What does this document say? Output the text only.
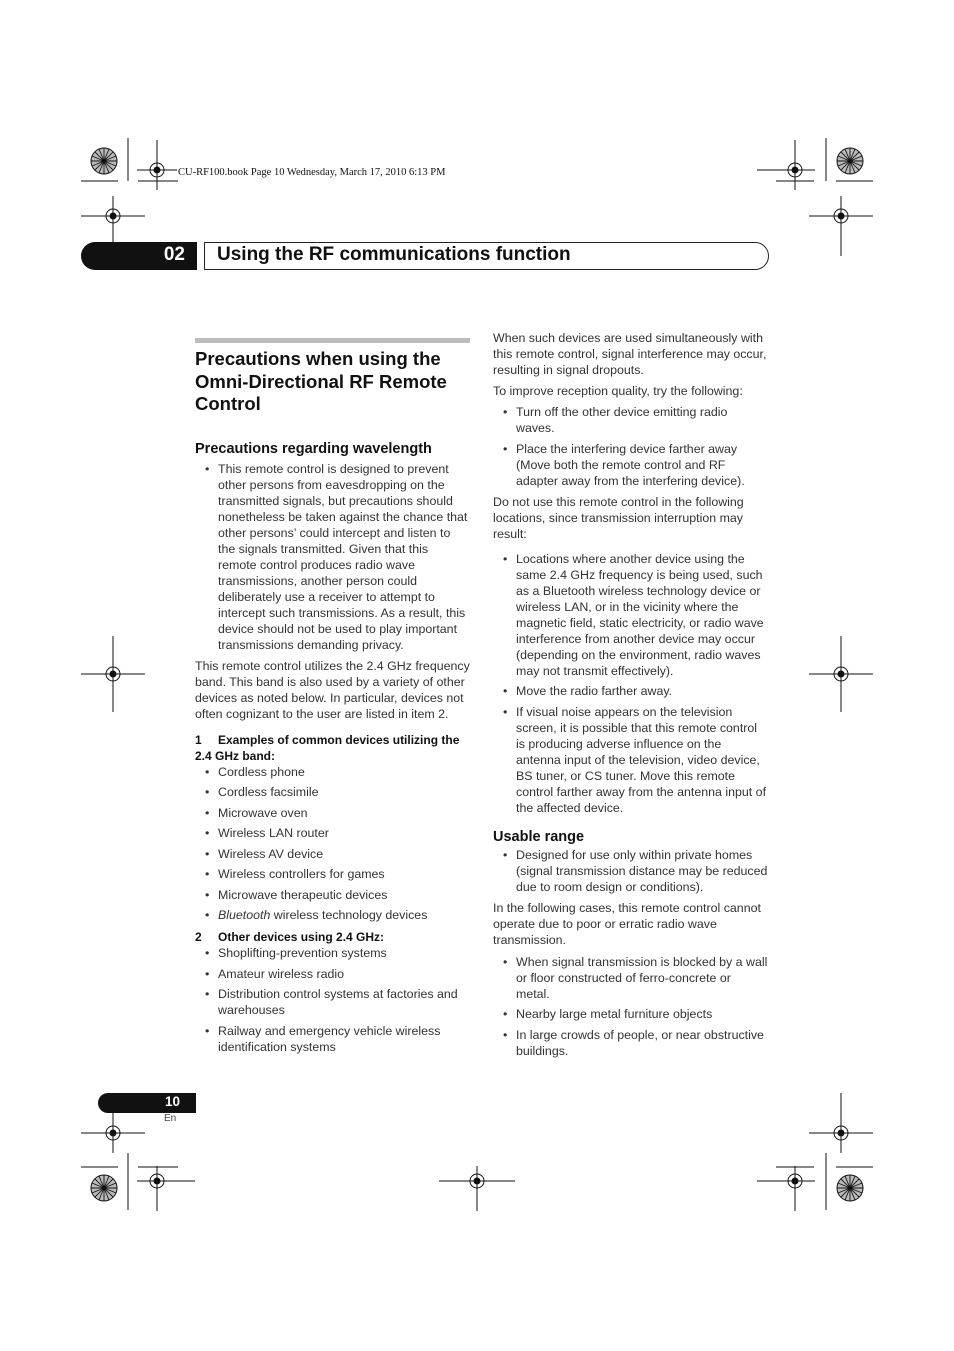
CU-RF100.book Page 10 Wednesday, March 17, 2010 6:13 PM
02 Using the RF communications function
Precautions when using the Omni-Directional RF Remote Control
Precautions regarding wavelength
• This remote control is designed to prevent other persons from eavesdropping on the transmitted signals, but precautions should nonetheless be taken against the chance that other persons’ could intercept and listen to the signals transmitted. Given that this remote control produces radio wave transmissions, another person could deliberately use a receiver to attempt to intercept such transmissions. As a result, this device should not be used to play important transmissions demanding privacy.

This remote control utilizes the 2.4 GHz frequency band. This band is also used by a variety of other devices as noted below. In particular, devices not often cognizant to the user are listed in item 2.

1 Examples of common devices utilizing the 2.4 GHz band:
• Cordless phone
• Cordless facsimile
• Microwave oven
• Wireless LAN router
• Wireless AV device
• Wireless controllers for games
• Microwave therapeutic devices
• Bluetooth wireless technology devices
2 Other devices using 2.4 GHz:
• Shoplifting-prevention systems
• Amateur wireless radio
• Distribution control systems at factories and warehouses
• Railway and emergency vehicle wireless identification systems

When such devices are used simultaneously with this remote control, signal interference may occur, resulting in signal dropouts.

To improve reception quality, try the following:

• Turn off the other device emitting radio waves.
• Place the interfering device farther away (Move both the remote control and RF adapter away from the interfering device).

Do not use this remote control in the following locations, since transmission interruption may result:

• Locations where another device using the same 2.4 GHz frequency is being used, such as a Bluetooth wireless technology device or wireless LAN, or in the vicinity where the magnetic field, static electricity, or radio wave interference from another device may occur (depending on the environment, radio waves may not transmit effectively).
• Move the radio farther away.
• If visual noise appears on the television screen, it is possible that this remote control is producing adverse influence on the antenna input of the television, video device, BS tuner, or CS tuner. Move this remote control farther away from the antenna input of the affected device.
Usable range
• Designed for use only within private homes (signal transmission distance may be reduced due to room design or conditions).

In the following cases, this remote control cannot operate due to poor or erratic radio wave transmission.

• When signal transmission is blocked by a wall or floor constructed of ferro-concrete or metal.
• Nearby large metal furniture objects
• In large crowds of people, or near obstructive buildings.
10
En
